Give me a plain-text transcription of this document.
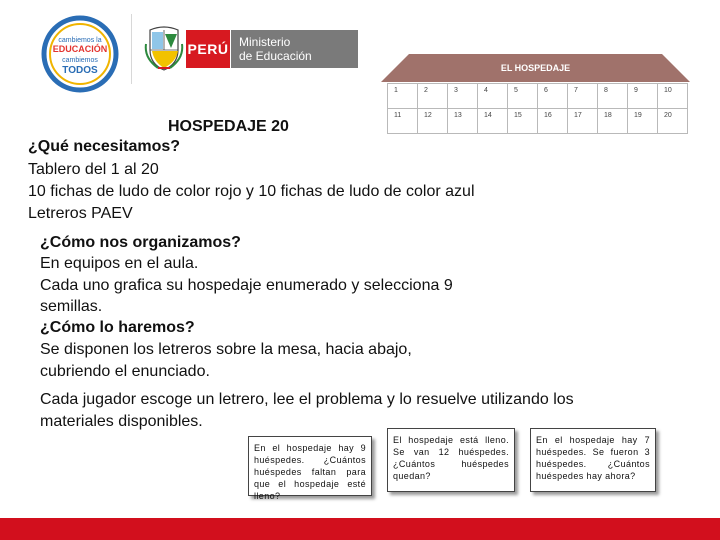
cambiemos la
EDUCACIÓN
cambiemos
TODOS
PERÚ Ministerio
de Educación
EL HOSPEDAJE
1	2	3	4	5	6	7	8	9	10
11	12	13	14	15	16	17	18	19	20
HOSPEDAJE 20
¿Qué necesitamos?
Tablero del 1 al 20
10 fichas de ludo de color rojo y 10 fichas de ludo de color azul
Letreros PAEV
¿Cómo nos organizamos?
En equipos en el aula.
Cada uno grafica su hospedaje enumerado y selecciona 9
semillas.
¿Cómo lo haremos?
Se disponen los letreros sobre la mesa, hacia abajo,
cubriendo el enunciado.
Cada jugador escoge un letrero, lee el problema y lo resuelve utilizando los
materiales disponibles.
En el hospedaje hay 9 huéspedes. ¿Cuántos huéspedes faltan para que el hospedaje esté lleno?
El hospedaje está lleno. Se van 12 huéspedes. ¿Cuántos huéspedes quedan?
En el hospedaje hay 7 huéspedes. Se fueron 3 huéspedes. ¿Cuántos huéspedes hay ahora?
